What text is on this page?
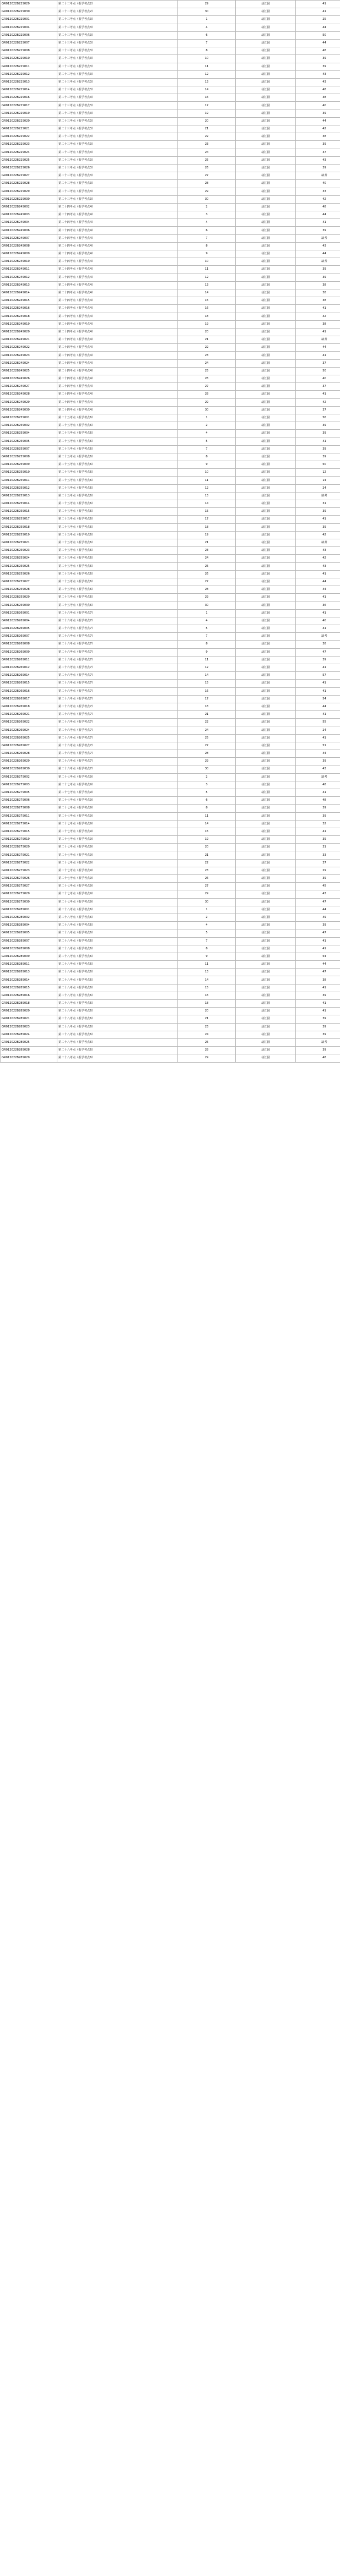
GR012022B22S029	第二十二考点（报学考点2）	29	动江园	41
GR012022B22S030	第二十二考点（报学考点2）	30	动江园	41
GR012022B22S001	第二十三考点（报学考点3）	1	动江园	25
GR012022B22S004	第二十三考点（报学考点3）	4	动江园	44
GR012022B22S006	第二十三考点（报学考点3）	6	动江园	50
GR012022B22S007	第二十三考点（报学考点3）	7	动江园	44
GR012022B22S008	第二十三考点（报学考点3）	8	动江园	48
GR012022B22S010	第二十三考点（报学考点3）	10	动江园	39
GR012022B22S011	第二十三考点（报学考点3）	11	动江园	39
GR012022B22S012	第二十三考点（报学考点3）	12	动江园	43
GR012022B22S013	第二十三考点（报学考点3）	13	动江园	43
GR012022B22S014	第二十三考点（报学考点3）	14	动江园	48
GR012022B22S016	第二十三考点（报学考点3）	16	动江园	38
GR012022B22S017	第二十三考点（报学考点3）	17	动江园	40
GR012022B22S019	第二十三考点（报学考点3）	19	动江园	39
GR012022B22S020	第二十三考点（报学考点3）	20	动江园	44
GR012022B22S021	第二十三考点（报学考点3）	21	动江园	42
GR012022B22S022	第二十三考点（报学考点3）	22	动江园	38
GR012022B22S023	第二十三考点（报学考点3）	23	动江园	39
GR012022B22S024	第二十三考点（报学考点3）	24	动江园	37
GR012022B22S025	第二十三考点（报学考点3）	25	动江园	43
GR012022B22S026	第二十三考点（报学考点3）	26	动江园	39
GR012022B22S027	第二十三考点（报学考点3）	27	动江园	缺考
GR012022B22S028	第二十三考点（报学考点3）	28	动江园	40
GR012022B22S029	第二十三考点（报学考点3）	29	动江园	33
GR012022B22S030	第二十三考点（报学考点3）	30	动江园	42
GR012022B24S002	第二十四考点（报学考点4）	2	动江园	48
GR012022B24S003	第二十四考点（报学考点4）	3	动江园	44
GR012022B24S004	第二十四考点（报学考点4）	4	动江园	41
GR012022B24S006	第二十四考点（报学考点4）	6	动江园	39
GR012022B24S007	第二十四考点（报学考点4）	7	动江园	缺考
GR012022B24S008	第二十四考点（报学考点4）	8	动江园	43
GR012022B24S009	第二十四考点（报学考点4）	9	动江园	44
GR012022B24S010	第二十四考点（报学考点4）	10	动江园	缺考
GR012022B24S011	第二十四考点（报学考点4）	11	动江园	39
GR012022B24S012	第二十四考点（报学考点4）	12	动江园	39
GR012022B24S013	第二十四考点（报学考点4）	13	动江园	38
GR012022B24S014	第二十四考点（报学考点4）	14	动江园	38
GR012022B24S015	第二十四考点（报学考点4）	15	动江园	38
GR012022B24S016	第二十四考点（报学考点4）	16	动江园	41
GR012022B24S018	第二十四考点（报学考点4）	18	动江园	42
GR012022B24S019	第二十四考点（报学考点4）	19	动江园	38
GR012022B24S020	第二十四考点（报学考点4）	20	动江园	41
GR012022B24S021	第二十四考点（报学考点4）	21	动江园	缺考
GR012022B24S022	第二十四考点（报学考点4）	22	动江园	44
GR012022B24S023	第二十四考点（报学考点4）	23	动江园	41
GR012022B24S024	第二十四考点（报学考点4）	24	动江园	37
GR012022B24S025	第二十四考点（报学考点4）	25	动江园	50
GR012022B24S026	第二十四考点（报学考点4）	26	动江园	40
GR012022B24S027	第二十四考点（报学考点4）	27	动江园	37
GR012022B24S028	第二十四考点（报学考点4）	28	动江园	41
GR012022B24S029	第二十四考点（报学考点4）	29	动江园	42
GR012022B24S030	第二十四考点（报学考点4）	30	动江园	37
GR012022B25S001	第二十五考点（报学考点6）	1	动江园	56
GR012022B25S002	第二十五考点（报学考点6）	2	动江园	39
GR012022B25S004	第二十五考点（报学考点6）	4	动江园	39
GR012022B25S005	第二十五考点（报学考点6）	5	动江园	41
GR012022B25S007	第二十五考点（报学考点6）	7	动江园	39
GR012022B25S008	第二十五考点（报学考点6）	8	动江园	39
GR012022B25S009	第二十五考点（报学考点6）	9	动江园	50
GR012022B25S010	第二十五考点（报学考点6）	10	动江园	12
GR012022B25S011	第二十五考点（报学考点6）	11	动江园	14
GR012022B25S012	第二十五考点（报学考点6）	12	动江园	24
GR012022B25S013	第二十五考点（报学考点6）	13	动江园	缺考
GR012022B25S014	第二十五考点（报学考点6）	14	动江园	31
GR012022B25S015	第二十五考点（报学考点6）	15	动江园	39
GR012022B25S017	第二十五考点（报学考点6）	17	动江园	41
GR012022B25S018	第二十五考点（报学考点6）	18	动江园	39
GR012022B25S019	第二十五考点（报学考点6）	19	动江园	42
GR012022B25S021	第二十五考点（报学考点6）	21	动江园	缺考
GR012022B25S023	第二十五考点（报学考点6）	23	动江园	43
GR012022B25S024	第二十五考点（报学考点6）	24	动江园	42
GR012022B25S025	第二十五考点（报学考点6）	25	动江园	43
GR012022B25S026	第二十五考点（报学考点6）	26	动江园	41
GR012022B25S027	第二十五考点（报学考点6）	27	动江园	44
GR012022B25S028	第二十五考点（报学考点6）	28	动江园	44
GR012022B25S029	第二十五考点（报学考点6）	29	动江园	41
GR012022B25S030	第二十五考点（报学考点6）	30	动江园	36
GR012022B26S001	第二十六考点（报学考点7）	1	动江园	41
GR012022B26S004	第二十六考点（报学考点7）	4	动江园	40
GR012022B26S005	第二十六考点（报学考点7）	5	动江园	41
GR012022B26S007	第二十六考点（报学考点7）	7	动江园	缺考
GR012022B26S008	第二十六考点（报学考点7）	8	动江园	38
GR012022B26S009	第二十六考点（报学考点7）	9	动江园	47
GR012022B26S011	第二十六考点（报学考点7）	11	动江园	39
GR012022B26S012	第二十六考点（报学考点7）	12	动江园	41
GR012022B26S014	第二十六考点（报学考点7）	14	动江园	57
GR012022B26S015	第二十六考点（报学考点7）	15	动江园	41
GR012022B26S016	第二十六考点（报学考点7）	16	动江园	41
GR012022B26S017	第二十六考点（报学考点7）	17	动江园	54
GR012022B26S018	第二十六考点（报学考点7）	18	动江园	44
GR012022B26S021	第二十六考点（报学考点7）	21	动江园	41
GR012022B26S022	第二十六考点（报学考点7）	22	动江园	55
GR012022B26S024	第二十六考点（报学考点7）	24	动江园	24
GR012022B26S025	第二十六考点（报学考点7）	25	动江园	41
GR012022B26S027	第二十六考点（报学考点7）	27	动江园	51
GR012022B26S028	第二十六考点（报学考点7）	28	动江园	44
GR012022B26S029	第二十六考点（报学考点7）	29	动江园	39
GR012022B26S030	第二十六考点（报学考点7）	30	动江园	43
GR012022B27S002	第二十七考点（报学考点9）	2	动江园	缺考
GR012022B27S003	第二十七考点（报学考点9）	3	动江园	48
GR012022B27S005	第二十七考点（报学考点9）	5	动江园	41
GR012022B27S006	第二十七考点（报学考点9）	6	动江园	48
GR012022B27S008	第二十七考点（报学考点9）	8	动江园	39
GR012022B27S011	第二十七考点（报学考点9）	11	动江园	39
GR012022B27S014	第二十七考点（报学考点9）	14	动江园	32
GR012022B27S015	第二十七考点（报学考点9）	15	动江园	41
GR012022B27S019	第二十七考点（报学考点9）	19	动江园	39
GR012022B27S020	第二十七考点（报学考点9）	20	动江园	31
GR012022B27S021	第二十七考点（报学考点9）	21	动江园	33
GR012022B27S022	第二十七考点（报学考点9）	22	动江园	37
GR012022B27S023	第二十七考点（报学考点9）	23	动江园	29
GR012022B27S026	第二十七考点（报学考点9）	26	动江园	39
GR012022B27S027	第二十七考点（报学考点9）	27	动江园	45
GR012022B27S029	第二十七考点（报学考点9）	29	动江园	43
GR012022B27S030	第二十七考点（报学考点9）	30	动江园	47
GR012022B28S001	第二十八考点（报学考点6）	1	动江园	44
GR012022B28S002	第二十八考点（报学考点6）	2	动江园	49
GR012022B28S004	第二十八考点（报学考点6）	4	动江园	39
GR012022B28S005	第二十八考点（报学考点6）	5	动江园	47
GR012022B28S007	第二十八考点（报学考点6）	7	动江园	41
GR012022B28S008	第二十八考点（报学考点6）	8	动江园	41
GR012022B28S009	第二十八考点（报学考点6）	9	动江园	54
GR012022B28S011	第二十八考点（报学考点6）	11	动江园	44
GR012022B28S013	第二十八考点（报学考点6）	13	动江园	47
GR012022B28S014	第二十八考点（报学考点6）	14	动江园	38
GR012022B28S015	第二十八考点（报学考点6）	15	动江园	41
GR012022B28S016	第二十八考点（报学考点6）	16	动江园	39
GR012022B28S018	第二十八考点（报学考点6）	18	动江园	41
GR012022B28S020	第二十八考点（报学考点6）	20	动江园	41
GR012022B28S021	第二十八考点（报学考点6）	21	动江园	39
GR012022B28S023	第二十八考点（报学考点6）	23	动江园	39
GR012022B28S024	第二十八考点（报学考点6）	24	动江园	39
GR012022B28S025	第二十八考点（报学考点6）	25	动江园	缺考
GR012022B28S028	第二十八考点（报学考点6）	28	动江园	39
GR012022B28S029	第二十八考点（报学考点6）	29	动江园	48
